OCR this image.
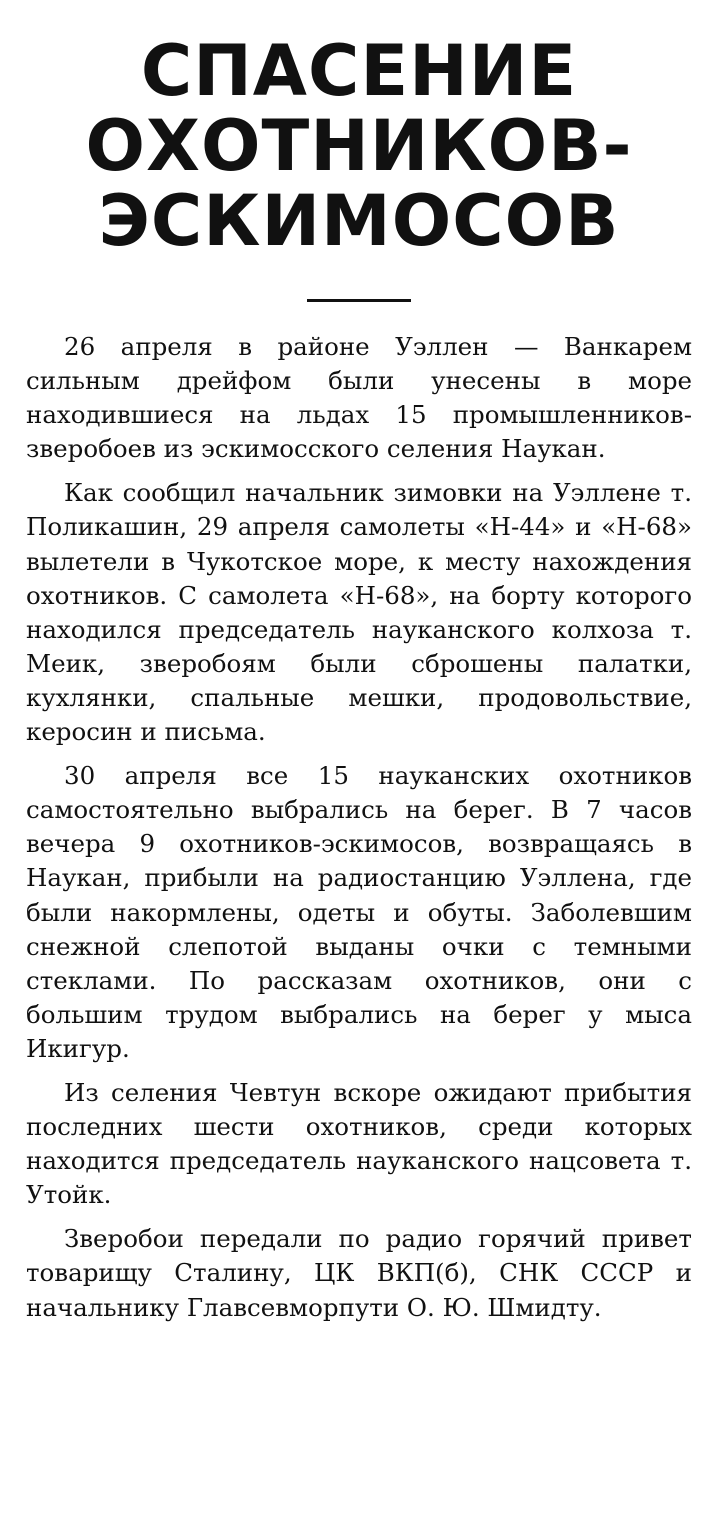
СПАСЕНИЕ
ОХОТНИКОВ-
ЭСКИМОСОВ

26 апреля в районе Уэллен — Ванкарем сильным дрейфом были унесены в море находившиеся на льдах 15 промышленников-зверобоев из эскимосского селения Наукан.

Как сообщил начальник зимовки на Уэллене т. Поликашин, 29 апреля самолеты «Н-44» и «Н-68» вылетели в Чукотское море, к месту нахождения охотников. С самолета «Н-68», на борту которого находился председатель науканского колхоза т. Меик, зверобоям были сброшены палатки, кухлянки, спальные мешки, продовольствие, керосин и письма.

30 апреля все 15 науканских охотников самостоятельно выбрались на берег. В 7 часов вечера 9 охотников-эскимосов, возвращаясь в Наукан, прибыли на радиостанцию Уэллена, где были накормлены, одеты и обуты. Заболевшим снежной слепотой выданы очки с темными стеклами. По рассказам охотников, они с большим трудом выбрались на берег у мыса Икигур.

Из селения Чевтун вскоре ожидают прибытия последних шести охотников, среди которых находится председатель науканского нацсовета т. Утойк.

Зверобои передали по радио горячий привет товарищу Сталину, ЦК ВКП(б), СНК СССР и начальнику Главсевморпути О. Ю. Шмидту.
